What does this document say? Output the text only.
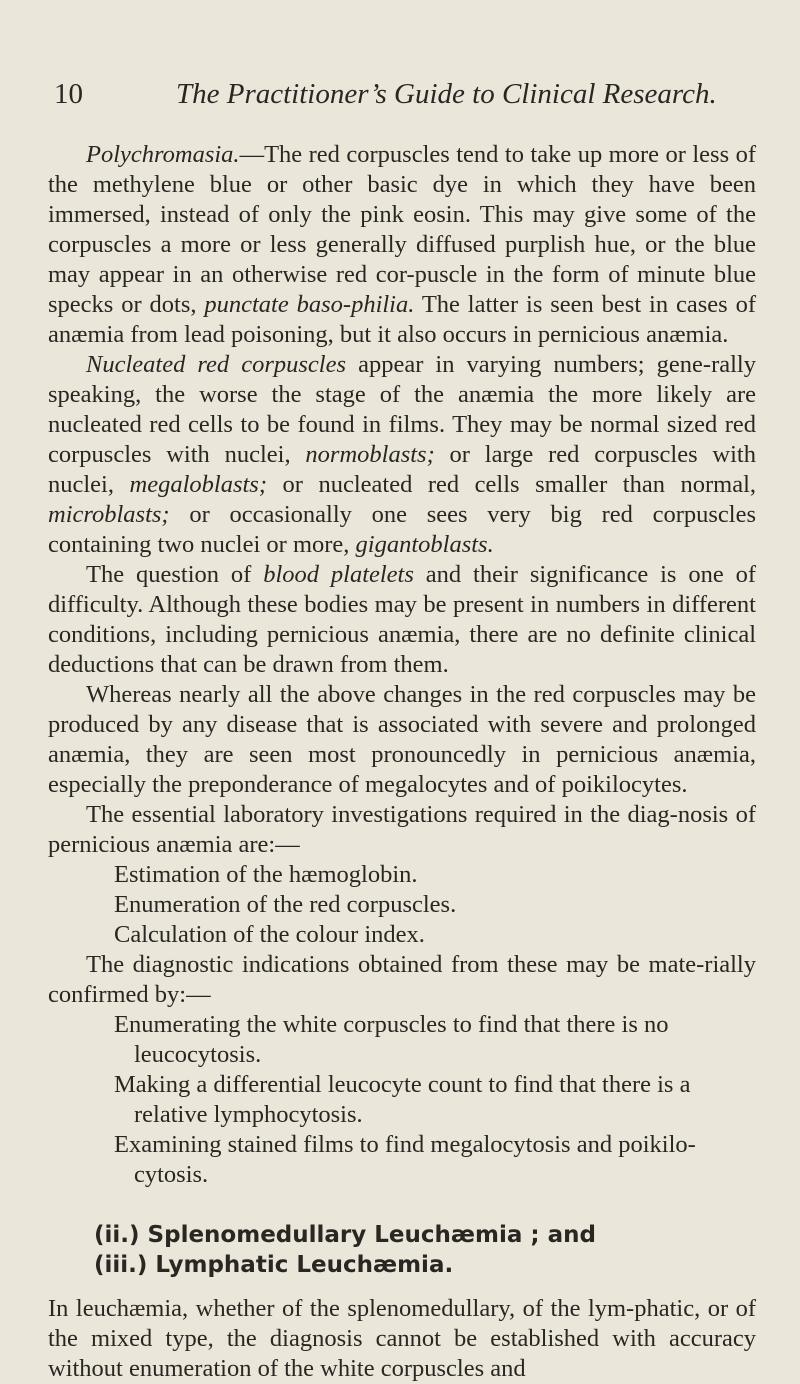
10	The Practitioner’s Guide to Clinical Research.

Polychromasia.—The red corpuscles tend to take up more or less of the methylene blue or other basic dye in which they have been immersed, instead of only the pink eosin. This may give some of the corpuscles a more or less generally diffused purplish hue, or the blue may appear in an otherwise red cor-puscle in the form of minute blue specks or dots, punctate baso-philia. The latter is seen best in cases of anæmia from lead poisoning, but it also occurs in pernicious anæmia.

Nucleated red corpuscles appear in varying numbers; gene-rally speaking, the worse the stage of the anæmia the more likely are nucleated red cells to be found in films. They may be normal sized red corpuscles with nuclei, normoblasts; or large red corpuscles with nuclei, megaloblasts; or nucleated red cells smaller than normal, microblasts; or occasionally one sees very big red corpuscles containing two nuclei or more, gigantoblasts.

The question of blood platelets and their significance is one of difficulty. Although these bodies may be present in numbers in different conditions, including pernicious anæmia, there are no definite clinical deductions that can be drawn from them.

Whereas nearly all the above changes in the red corpuscles may be produced by any disease that is associated with severe and prolonged anæmia, they are seen most pronouncedly in pernicious anæmia, especially the preponderance of megalocytes and of poikilocytes.

The essential laboratory investigations required in the diag-nosis of pernicious anæmia are:—

Estimation of the hæmoglobin.
Enumeration of the red corpuscles.
Calculation of the colour index.

The diagnostic indications obtained from these may be mate-rially confirmed by:—

Enumerating the white corpuscles to find that there is no leucocytosis.
Making a differential leucocyte count to find that there is a relative lymphocytosis.
Examining stained films to find megalocytosis and poikilo-cytosis.
(ii.) Splenomedullary Leuchæmia ; and
(iii.) Lymphatic Leuchæmia.

In leuchæmia, whether of the splenomedullary, of the lym-phatic, or of the mixed type, the diagnosis cannot be established with accuracy without enumeration of the white corpuscles and
